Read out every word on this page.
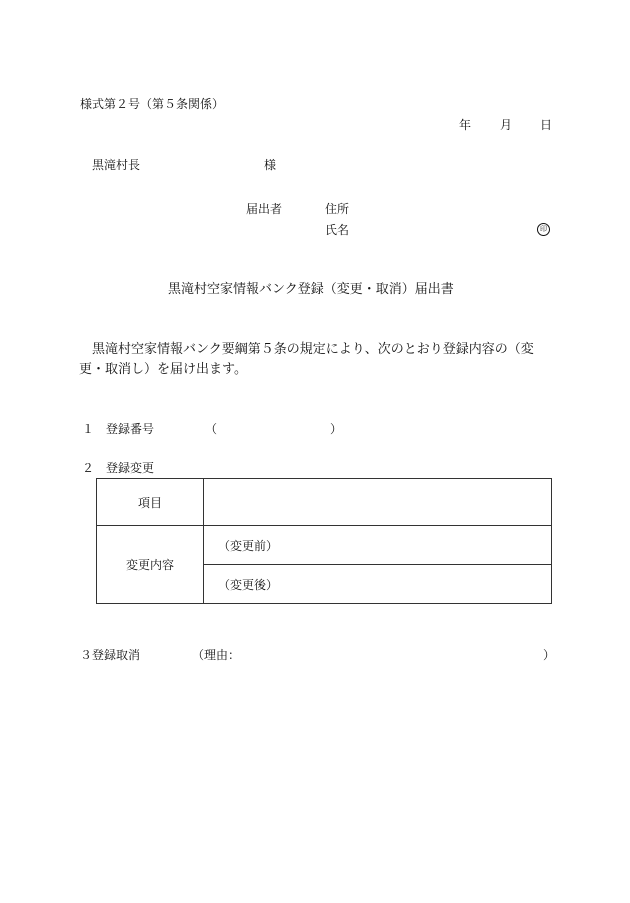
様式第２号（第５条関係）
年 月 日
黒滝村長	様
届出者	住所
氏名	印
黒滝村空家情報バンク登録（変更・取消）届出書
黒滝村空家情報バンク要綱第５条の規定により、次のとおり登録内容の（変
更・取消し）を届け出ます。
１ 登録番号	（	）
２ 登録変更
項目	
変更内容	（変更前）
	（変更後）
３登録取消	（理由：	）
